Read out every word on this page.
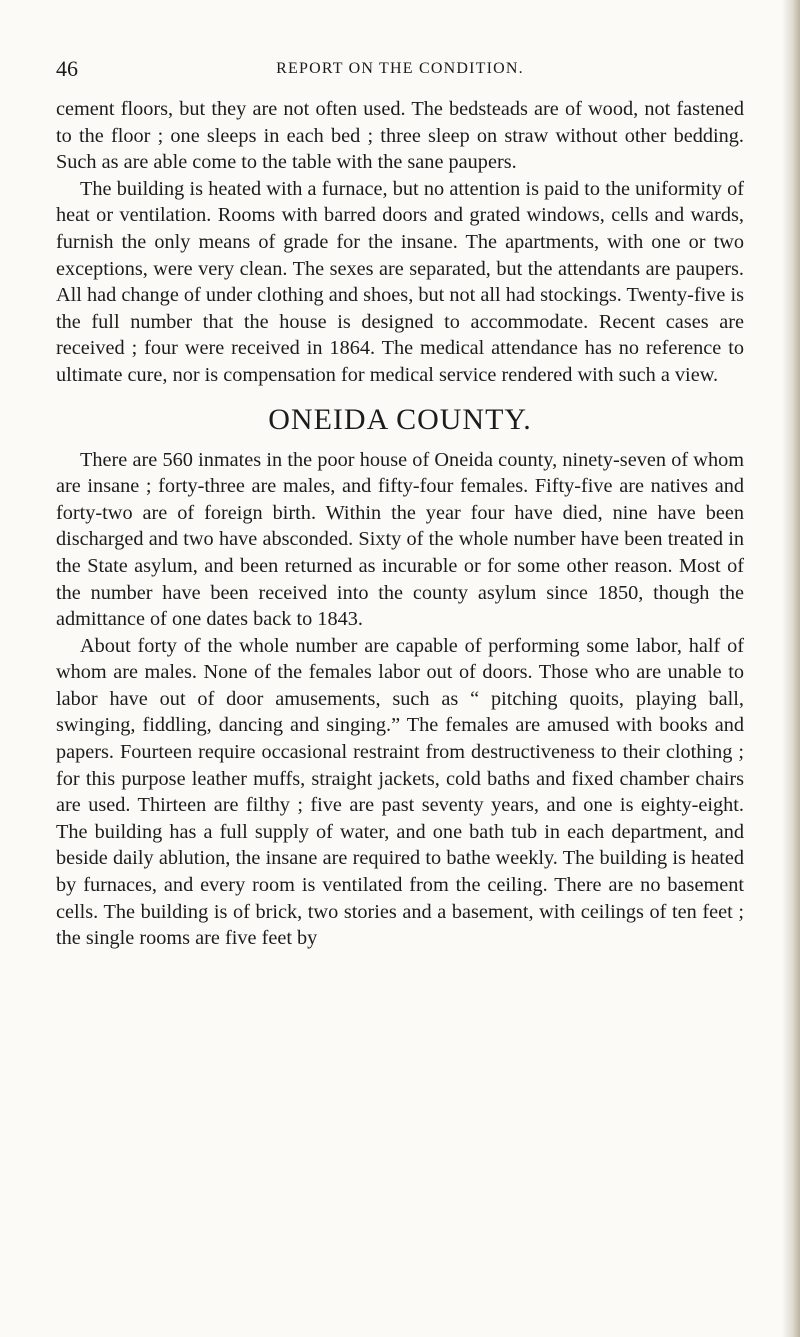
46	REPORT ON THE CONDITION.

cement floors, but they are not often used. The bedsteads are of wood, not fastened to the floor ; one sleeps in each bed ; three sleep on straw without other bedding. Such as are able come to the table with the sane paupers.

The building is heated with a furnace, but no attention is paid to the uniformity of heat or ventilation. Rooms with barred doors and grated windows, cells and wards, furnish the only means of grade for the insane. The apartments, with one or two exceptions, were very clean. The sexes are separated, but the attendants are paupers. All had change of under clothing and shoes, but not all had stockings. Twenty-five is the full number that the house is designed to accommodate. Recent cases are received ; four were received in 1864. The medical attendance has no reference to ultimate cure, nor is compensation for medical service rendered with such a view.

ONEIDA COUNTY.

There are 560 inmates in the poor house of Oneida county, ninety-seven of whom are insane ; forty-three are males, and fifty-four females. Fifty-five are natives and forty-two are of foreign birth. Within the year four have died, nine have been discharged and two have absconded. Sixty of the whole number have been treated in the State asylum, and been returned as incurable or for some other reason. Most of the number have been received into the county asylum since 1850, though the admittance of one dates back to 1843.

About forty of the whole number are capable of performing some labor, half of whom are males. None of the females labor out of doors. Those who are unable to labor have out of door amusements, such as “ pitching quoits, playing ball, swinging, fiddling, dancing and singing.” The females are amused with books and papers. Fourteen require occasional restraint from destructiveness to their clothing ; for this purpose leather muffs, straight jackets, cold baths and fixed chamber chairs are used. Thirteen are filthy ; five are past seventy years, and one is eighty-eight. The building has a full supply of water, and one bath tub in each department, and beside daily ablution, the insane are required to bathe weekly. The building is heated by furnaces, and every room is ventilated from the ceiling. There are no basement cells. The building is of brick, two stories and a basement, with ceilings of ten feet ; the single rooms are five feet by
